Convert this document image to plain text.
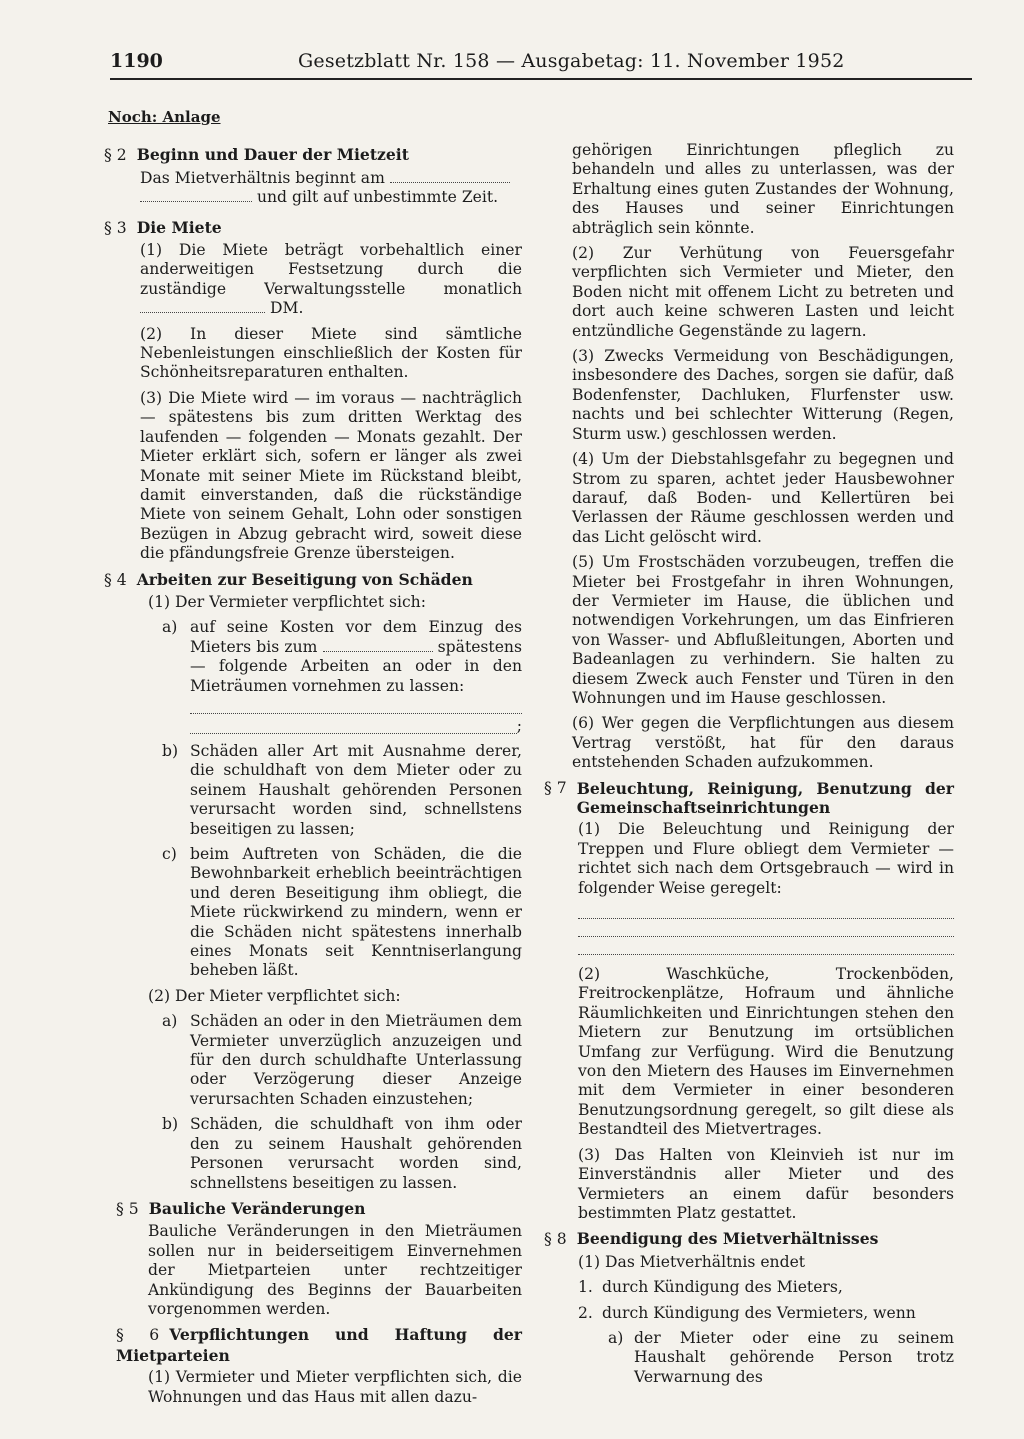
1190	Gesetzblatt Nr. 158 — Ausgabetag: 11. November 1952
Noch: Anlage
§ 2 Beginn und Dauer der Mietzeit
Das Mietverhältnis beginnt am
und gilt auf unbestimmte Zeit.
§ 3 Die Miete

(1) Die Miete beträgt vorbehaltlich einer anderweitigen Festsetzung durch die zuständige Verwaltungsstelle monatlich  DM.

(2) In dieser Miete sind sämtliche Nebenleistungen einschließlich der Kosten für Schönheitsreparaturen enthalten.

(3) Die Miete wird — im voraus — nachträglich — spätestens bis zum dritten Werktag des laufenden — folgenden — Monats gezahlt. Der Mieter erklärt sich, sofern er länger als zwei Monate mit seiner Miete im Rückstand bleibt, damit einverstanden, daß die rückständige Miete von seinem Gehalt, Lohn oder sonstigen Bezügen in Abzug gebracht wird, soweit diese die pfändungsfreie Grenze übersteigen.

§ 4 Arbeiten zur Beseitigung von Schäden

(1) Der Vermieter verpflichtet sich:

a) auf seine Kosten vor dem Einzug des Mieters bis zum	spätestens — folgende Arbeiten an oder in den Mieträumen vornehmen zu lassen:
;
b) Schäden aller Art mit Ausnahme derer, die schuldhaft von dem Mieter oder zu seinem Haushalt gehörenden Personen verursacht worden sind, schnellstens beseitigen zu lassen;
c) beim Auftreten von Schäden, die die Bewohnbarkeit erheblich beeinträchtigen und deren Beseitigung ihm obliegt, die Miete rückwirkend zu mindern, wenn er die Schäden nicht spätestens innerhalb eines Monats seit Kenntniserlangung beheben läßt.

(2) Der Mieter verpflichtet sich:

a) Schäden an oder in den Mieträumen dem Vermieter unverzüglich anzuzeigen und für den durch schuldhafte Unterlassung oder Verzögerung dieser Anzeige verursachten Schaden einzustehen;
b) Schäden, die schuldhaft von ihm oder den zu seinem Haushalt gehörenden Personen verursacht worden sind, schnellstens beseitigen zu lassen.
§ 5 Bauliche Veränderungen

Bauliche Veränderungen in den Mieträumen sollen nur in beiderseitigem Einvernehmen der Mietparteien unter rechtzeitiger Ankündigung des Beginns der Bauarbeiten vorgenommen werden.

§ 6 Verpflichtungen und Haftung der Mietparteien

(1) Vermieter und Mieter verpflichten sich, die Wohnungen und das Haus mit allen dazu-

gehörigen Einrichtungen pfleglich zu behandeln und alles zu unterlassen, was der Erhaltung eines guten Zustandes der Wohnung, des Hauses und seiner Einrichtungen abträglich sein könnte.

(2) Zur Verhütung von Feuersgefahr verpflichten sich Vermieter und Mieter, den Boden nicht mit offenem Licht zu betreten und dort auch keine schweren Lasten und leicht entzündliche Gegenstände zu lagern.

(3) Zwecks Vermeidung von Beschädigungen, insbesondere des Daches, sorgen sie dafür, daß Bodenfenster, Dachluken, Flurfenster usw. nachts und bei schlechter Witterung (Regen, Sturm usw.) geschlossen werden.

(4) Um der Diebstahlsgefahr zu begegnen und Strom zu sparen, achtet jeder Hausbewohner darauf, daß Boden- und Kellertüren bei Verlassen der Räume geschlossen werden und das Licht gelöscht wird.

(5) Um Frostschäden vorzubeugen, treffen die Mieter bei Frostgefahr in ihren Wohnungen, der Vermieter im Hause, die üblichen und notwendigen Vorkehrungen, um das Einfrieren von Wasser- und Abflußleitungen, Aborten und Badeanlagen zu verhindern. Sie halten zu diesem Zweck auch Fenster und Türen in den Wohnungen und im Hause geschlossen.

(6) Wer gegen die Verpflichtungen aus diesem Vertrag verstößt, hat für den daraus entstehenden Schaden aufzukommen.

§ 7 Beleuchtung, Reinigung, Benutzung der Gemeinschaftseinrichtungen

(1) Die Beleuchtung und Reinigung der Treppen und Flure obliegt dem Vermieter — richtet sich nach dem Ortsgebrauch — wird in folgender Weise geregelt:

(2) Waschküche, Trockenböden, Freitrockenplätze, Hofraum und ähnliche Räumlichkeiten und Einrichtungen stehen den Mietern zur Benutzung im ortsüblichen Umfang zur Verfügung. Wird die Benutzung von den Mietern des Hauses im Einvernehmen mit dem Vermieter in einer besonderen Benutzungsordnung geregelt, so gilt diese als Bestandteil des Mietvertrages.

(3) Das Halten von Kleinvieh ist nur im Einverständnis aller Mieter und des Vermieters an einem dafür besonders bestimmten Platz gestattet.

§ 8 Beendigung des Mietverhältnisses

(1) Das Mietverhältnis endet

1. durch Kündigung des Mieters,
2. durch Kündigung des Vermieters, wenn
a) der Mieter oder eine zu seinem Haushalt gehörende Person trotz Verwarnung des
